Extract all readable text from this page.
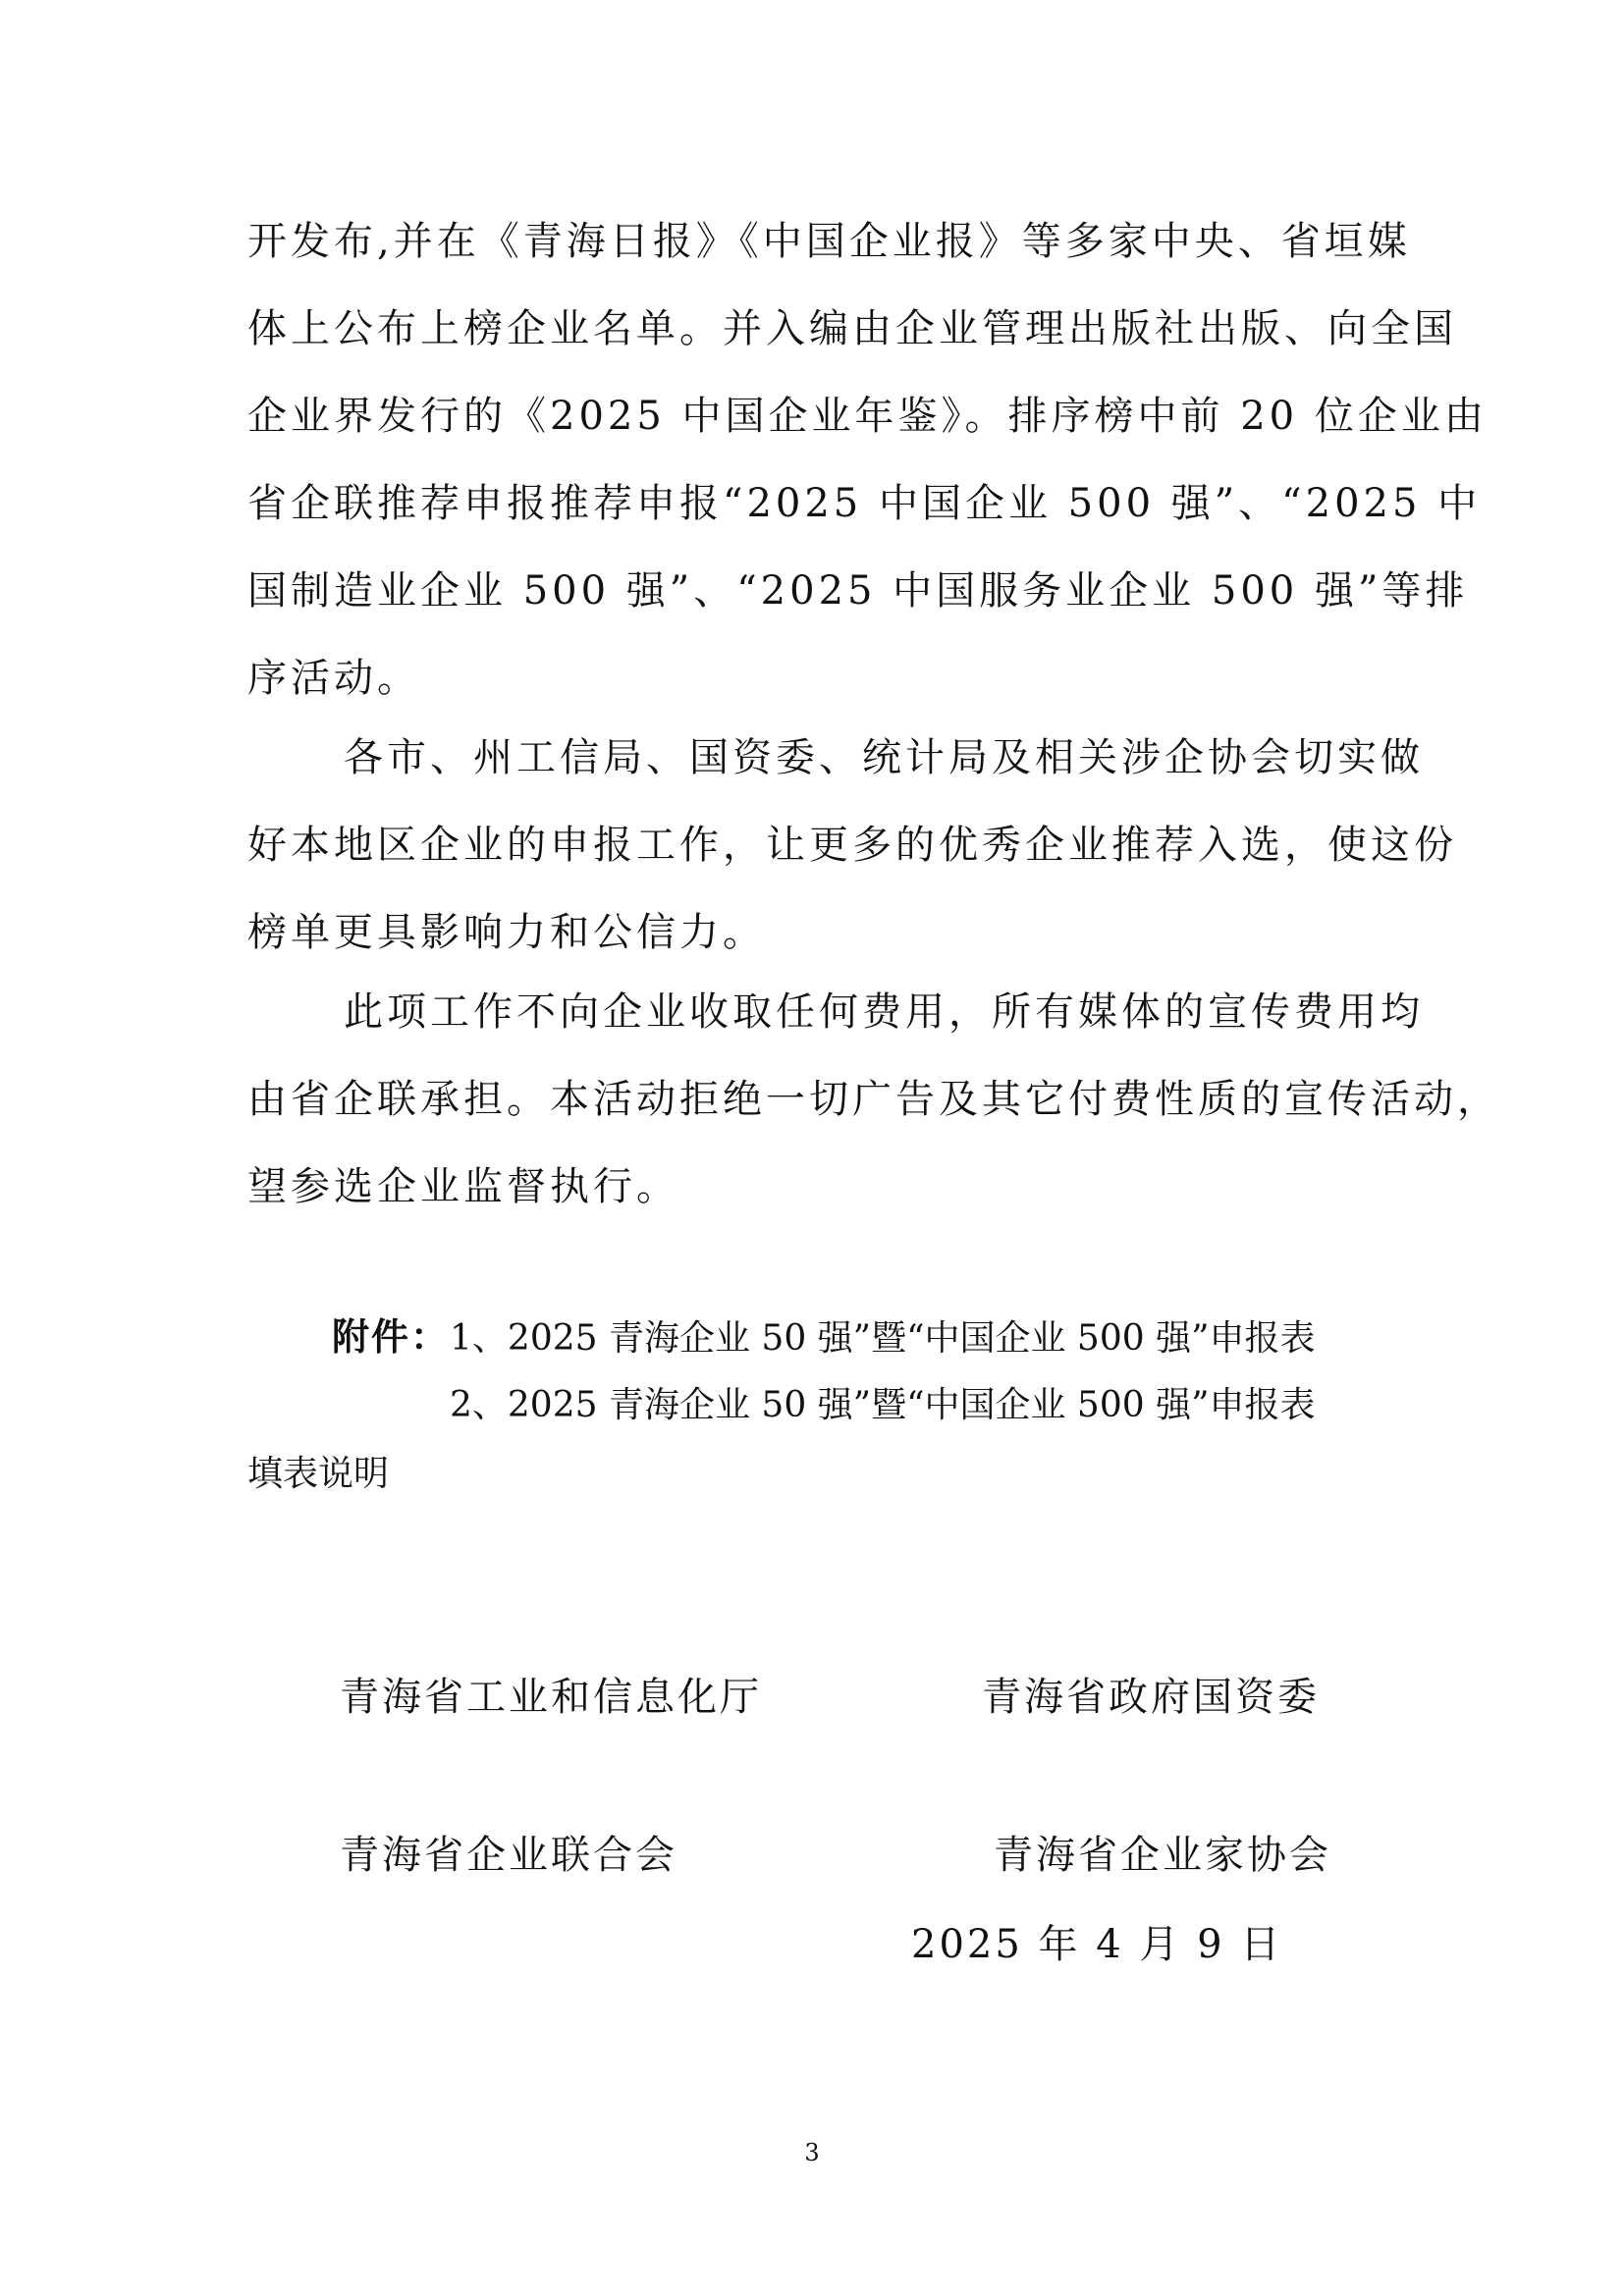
开发布,并在《青海日报》《中国企业报》等多家中央、省垣媒
体上公布上榜企业名单。并入编由企业管理出版社出版、向全国
企业界发行的《2025 中国企业年鉴》。排序榜中前 20 位企业由
省企联推荐申报推荐申报“2025 中国企业 500 强”、“2025 中
国制造业企业 500 强”、“2025 中国服务业企业 500 强”等排
序活动。
各市、州工信局、国资委、统计局及相关涉企协会切实做
好本地区企业的申报工作，让更多的优秀企业推荐入选，使这份
榜单更具影响力和公信力。
此项工作不向企业收取任何费用，所有媒体的宣传费用均
由省企联承担。本活动拒绝一切广告及其它付费性质的宣传活动，
望参选企业监督执行。
附件：1、2025 青海企业 50 强”暨“中国企业 500 强”申报表
2、2025 青海企业 50 强”暨“中国企业 500 强”申报表
填表说明
青海省工业和信息化厅	青海省政府国资委
青海省企业联合会	青海省企业家协会
2025 年 4 月 9 日
3
